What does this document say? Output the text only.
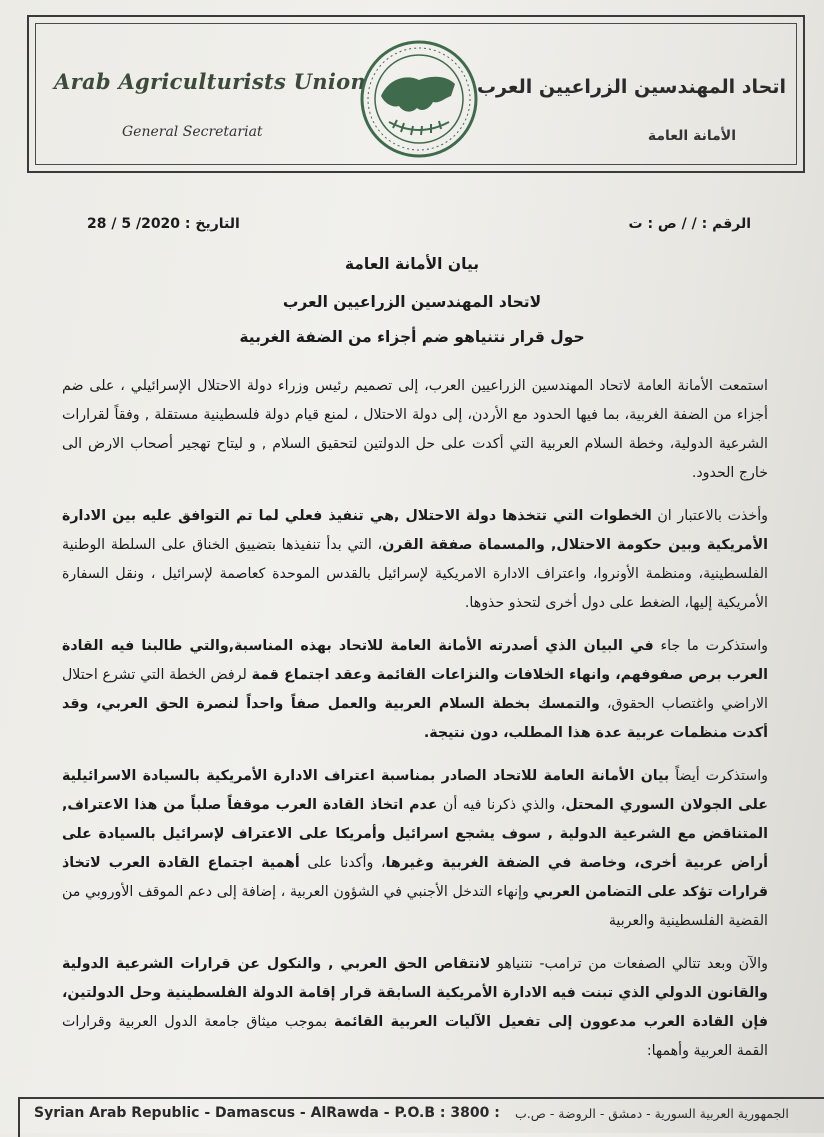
Arab Agriculturists Union
General Secretariat
اتحاد المهندسين الزراعيين العرب
الأمانة العامة
الرقم : / / ص : ت
التاريخ : 28 / 5 /2020
بيان الأمانة العامة
لاتحاد المهندسين الزراعيين العرب
حول قرار نتنياهو ضم أجزاء من الضفة الغربية

استمعت الأمانة العامة لاتحاد المهندسين الزراعيين العرب، إلى تصميم رئيس وزراء دولة الاحتلال الإسرائيلي ، على ضم أجزاء من الضفة الغربية، بما فيها الحدود مع الأردن، إلى دولة الاحتلال ، لمنع قيام دولة فلسطينية مستقلة , وفقاً لقرارات الشرعية الدولية، وخطة السلام العربية التي أكدت على حل الدولتين لتحقيق السلام , و ليتاح تهجير أصحاب الارض الى خارج الحدود.

وأخذت بالاعتبار ان الخطوات التي تتخذها دولة الاحتلال ,هي تنفيذ فعلي لما تم التوافق عليه بين الادارة الأمريكية وبين حكومة الاحتلال, والمسماة صفقة القرن، التي بدأ تنفيذها بتضييق الخناق على السلطة الوطنية الفلسطينية، ومنظمة الأونروا، واعتراف الادارة الامريكية لإسرائيل بالقدس الموحدة كعاصمة لإسرائيل ، ونقل السفارة الأمريكية إليها، الضغط على دول أخرى لتحذو حذوها.

واستذكرت ما جاء في البيان الذي أصدرته الأمانة العامة للاتحاد بهذه المناسبة,والتي طالبنا فيه القادة العرب برص صفوفهم، وانهاء الخلافات والنزاعات القائمة وعقد اجتماع قمة لرفض الخطة التي تشرع احتلال الاراضي واغتصاب الحقوق، والتمسك بخطة السلام العربية والعمل صفاً واحداً لنصرة الحق العربي، وقد أكدت منظمات عربية عدة هذا المطلب، دون نتيجة.

واستذكرت أيضاً بيان الأمانة العامة للاتحاد الصادر بمناسبة اعتراف الادارة الأمريكية بالسيادة الاسرائيلية على الجولان السوري المحتل، والذي ذكرنا فيه أن عدم اتخاذ القادة العرب موقفاً صلباً من هذا الاعتراف, المتناقض مع الشرعية الدولية , سوف يشجع اسرائيل وأمريكا على الاعتراف لإسرائيل بالسيادة على أراض عربية أخرى، وخاصة في الضفة الغربية وغيرها، وأكدنا على أهمية اجتماع القادة العرب لاتخاذ قرارات تؤكد على التضامن العربي وإنهاء التدخل الأجنبي في الشؤون العربية ، إضافة إلى دعم الموقف الأوروبي من القضية الفلسطينية والعربية

والآن وبعد تتالي الصفعات من ترامب- نتنياهو لانتقاص الحق العربي , والنكول عن قرارات الشرعية الدولية والقانون الدولي الذي تبنت فيه الادارة الأمريكية السابقة قرار إقامة الدولة الفلسطينية وحل الدولتين، فإن القادة العرب مدعوون إلى تفعيل الآليات العربية القائمة بموجب ميثاق جامعة الدول العربية وقرارات القمة العربية وأهمها:

Syrian Arab Republic - Damascus - AlRawda - P.O.B : 3800 : الجمهورية العربية السورية - دمشق - الروضة - ص.ب
